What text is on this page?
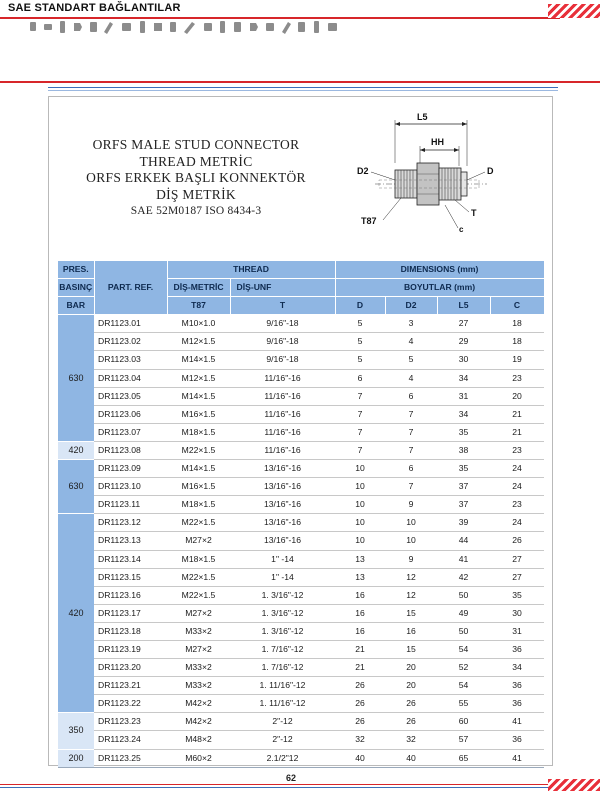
SAE STANDART BAĞLANTILAR
ORFS MALE STUD CONNECTOR
THREAD METRİC
ORFS ERKEK BAŞLI KONNEKTÖR
DİŞ METRİK
SAE 52M0187 ISO 8434-3
L5
HH
D2	D
T87
T
c
PRES.	PART. REF.	THREAD		DIMENSIONS (mm)			
BASINÇ		DİŞ-METRİC	DİŞ-UNF	BOYUTLAR (mm)			
BAR		T87	T	D	D2	L5	C
630	DR1123.01	M10×1.0	9/16"-18	5	3	27	18
	DR1123.02	M12×1.5	9/16"-18	5	4	29	18
	DR1123.03	M14×1.5	9/16"-18	5	5	30	19
	DR1123.04	M12×1.5	11/16"-16	6	4	34	23
	DR1123.05	M14×1.5	11/16"-16	7	6	31	20
	DR1123.06	M16×1.5	11/16"-16	7	7	34	21
	DR1123.07	M18×1.5	11/16"-16	7	7	35	21
420	DR1123.08	M22×1.5	11/16"-16	7	7	38	23
630	DR1123.09	M14×1.5	13/16"-16	10	6	35	24
	DR1123.10	M16×1.5	13/16"-16	10	7	37	24
	DR1123.11	M18×1.5	13/16"-16	10	9	37	23
420	DR1123.12	M22×1.5	13/16"-16	10	10	39	24
	DR1123.13	M27×2	13/16"-16	10	10	44	26
	DR1123.14	M18×1.5	1" -14	13	9	41	27
	DR1123.15	M22×1.5	1" -14	13	12	42	27
	DR1123.16	M22×1.5	1. 3/16"-12	16	12	50	35
	DR1123.17	M27×2	1. 3/16"-12	16	15	49	30
	DR1123.18	M33×2	1. 3/16"-12	16	16	50	31
	DR1123.19	M27×2	1. 7/16"-12	21	15	54	36
	DR1123.20	M33×2	1. 7/16"-12	21	20	52	34
	DR1123.21	M33×2	1. 11/16"-12	26	20	54	36
	DR1123.22	M42×2	1. 11/16"-12	26	26	55	36
350	DR1123.23	M42×2	2"-12	26	26	60	41
	DR1123.24	M48×2	2"-12	32	32	57	36
200	DR1123.25	M60×2	2.1/2"12	40	40	65	41
62
